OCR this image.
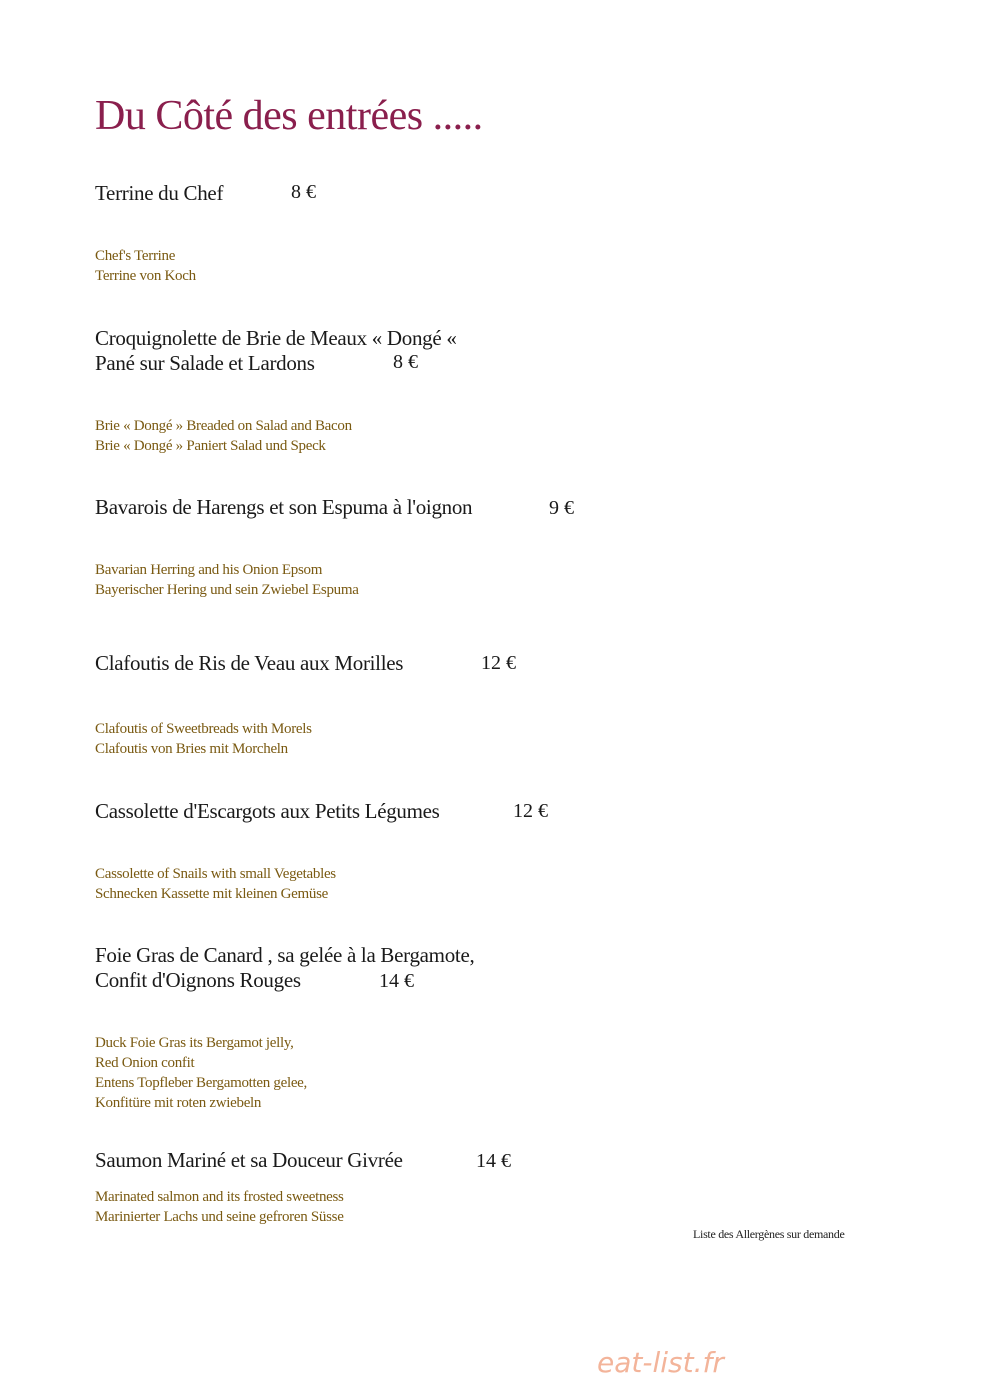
Du Côté des entrées .....
Terrine du Chef	8 €
Chef's Terrine
Terrine von Koch
Croquignolette de Brie de Meaux « Dongé «
Pané sur Salade et Lardons	8 €
Brie « Dongé » Breaded on Salad and Bacon
Brie « Dongé » Paniert Salad und Speck
Bavarois de Harengs et son Espuma à l'oignon	9 €
Bavarian Herring and his Onion Epsom
Bayerischer Hering und sein Zwiebel Espuma
Clafoutis de Ris de Veau aux Morilles	12 €
Clafoutis of Sweetbreads with Morels
Clafoutis von Bries mit Morcheln
Cassolette d'Escargots aux Petits Légumes	12 €
Cassolette of Snails with small Vegetables
Schnecken Kassette mit kleinen Gemüse
Foie Gras de Canard , sa gelée à la Bergamote,
Confit d'Oignons Rouges	14 €
Duck Foie Gras its Bergamot jelly,
Red Onion confit
Entens Topfleber Bergamotten gelee,
Konfitüre mit roten zwiebeln
Saumon Mariné et sa Douceur Givrée	14 €
Marinated salmon and its frosted sweetness
Marinierter Lachs und seine gefroren Süsse
Liste des Allergènes sur demande
eat-list.fr
